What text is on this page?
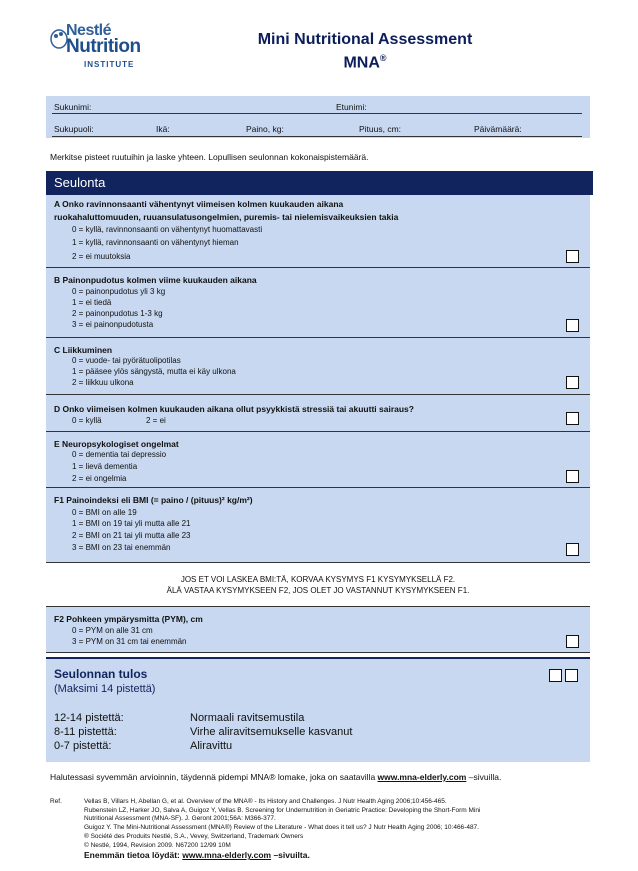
Nestlé
Nutrition
INSTITUTE
Mini Nutritional Assessment
MNA®
Sukunimi:	Etunimi:
Sukupuoli:	Ikä:	Paino, kg:	Pituus, cm:	Päivämäärä:
Merkitse pisteet ruutuihin ja laske yhteen. Lopullisen seulonnan kokonaispistemäärä.
Seulonta
A Onko ravinnonsaanti vähentynyt viimeisen kolmen kuukauden aikana
ruokahaluttomuuden, ruuansulatusongelmien, puremis- tai nielemisvaikeuksien takia
0 = kyllä, ravinnonsaanti on vähentynyt huomattavasti
1 = kyllä, ravinnonsaanti on vähentynyt hieman
2 = ei muutoksia
B Painonpudotus kolmen viime kuukauden aikana
0 = painonpudotus yli 3 kg
1 = ei tiedä
2 = painonpudotus 1-3 kg
3 = ei painonpudotusta
C Liikkuminen
0 = vuode- tai pyörätuolipotilas
1 = pääsee ylös sängystä, mutta ei käy ulkona
2 = liikkuu ulkona
D Onko viimeisen kolmen kuukauden aikana ollut psyykkistä stressiä tai akuutti sairaus?
0 = kyllä	2 = ei
E Neuropsykologiset ongelmat
0 = dementia tai depressio
1 = lievä dementia
2 = ei ongelmia
F1 Painoindeksi eli BMI (= paino / (pituus)² kg/m²)
0 = BMI on alle 19
1 = BMI on 19 tai yli mutta alle 21
2 = BMI on 21 tai yli mutta alle 23
3 = BMI on 23 tai enemmän
JOS ET VOI LASKEA BMI:TÄ, KORVAA KYSYMYS F1 KYSYMYKSELLÄ F2.
ÄLÄ VASTAA KYSYMYKSEEN F2, JOS OLET JO VASTANNUT KYSYMYKSEEN F1.
F2 Pohkeen ympärysmitta (PYM), cm
0 = PYM on alle 31 cm
3 = PYM on 31 cm tai enemmän
Seulonnan tulos
(Maksimi 14 pistettä)
12-14 pistettä:	Normaali ravitsemustila
8-11 pistettä:	Virhe aliravitsemukselle kasvanut
0-7 pistettä:	Aliravittu
Halutessasi syvemmän arvioinnin, täydennä pidempi MNA® lomake, joka on saatavilla www.mna-elderly.com –sivuilla.
Ref.	Vellas B, Villars H, Abellan G, et al. Overview of the MNA® - Its History and Challenges. J Nutr Health Aging 2006;10:456-465.
Rubenstein LZ, Harker JO, Salva A, Guigoz Y, Vellas B. Screening for Undernutrition in Geriatric Practice: Developing the Short-Form Mini
Nutritional Assessment (MNA-SF). J. Geront 2001;56A: M366-377.
Guigoz Y. The Mini-Nutritional Assessment (MNA®) Review of the Literature - What does it tell us? J Nutr Health Aging 2006; 10:466-487.
® Société des Produits Nestlé, S.A., Vevey, Switzerland, Trademark Owners
© Nestlé, 1994, Revision 2009. N67200 12/99 10M
Enemmän tietoa löydät: www.mna-elderly.com –sivuilta.
